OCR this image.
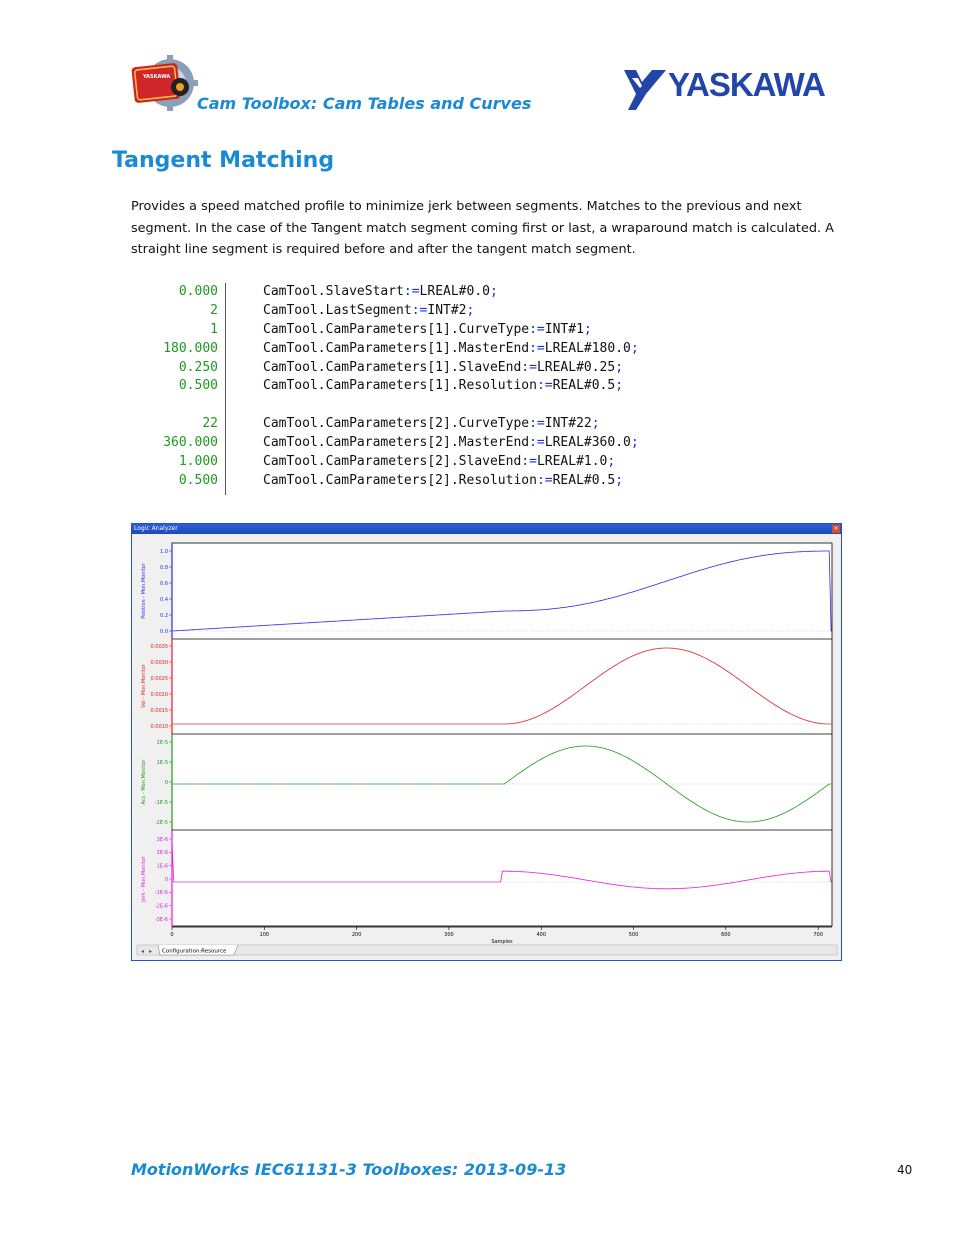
YASKAWA
Cam Toolbox: Cam Tables and Curves
YASKAWA
Tangent Matching

Provides a speed matched profile to minimize jerk between segments. Matches to the previous and next segment. In the case of the Tangent match segment coming first or last, a wraparound match is calculated. A straight line segment is required before and after the tangent match segment.

0.000	CamTool.SlaveStart:=LREAL#0.0;
2	CamTool.LastSegment:=INT#2;
1	CamTool.CamParameters[1].CurveType:=INT#1;
180.000	CamTool.CamParameters[1].MasterEnd:=LREAL#180.0;
0.250	CamTool.CamParameters[1].SlaveEnd:=LREAL#0.25;
0.500	CamTool.CamParameters[1].Resolution:=REAL#0.5;
22	CamTool.CamParameters[2].CurveType:=INT#22;
360.000	CamTool.CamParameters[2].MasterEnd:=LREAL#360.0;
1.000	CamTool.CamParameters[2].SlaveEnd:=LREAL#1.0;
0.500	CamTool.CamParameters[2].Resolution:=REAL#0.5;
Logic Analyzer	×
Position - Mon.Monitor
0.0
0.2
0.4
0.6
0.8
1.0
Vel - Mon.Monitor
0.0010
0.0015
0.0020
0.0025
0.0030
0.0035
Acc - Mon.Monitor
-2E-5
-1E-5
0
1E-5
2E-5
Jerk - Mon.Monitor
-3E-6
-2E-6
-1E-6
0
1E-6
2E-6
3E-6
0	100	200	300	400	500	600	700
Samples
◂ ▸ Configuration:Resource
MotionWorks IEC61131-3 Toolboxes: 2013-09-13	40
